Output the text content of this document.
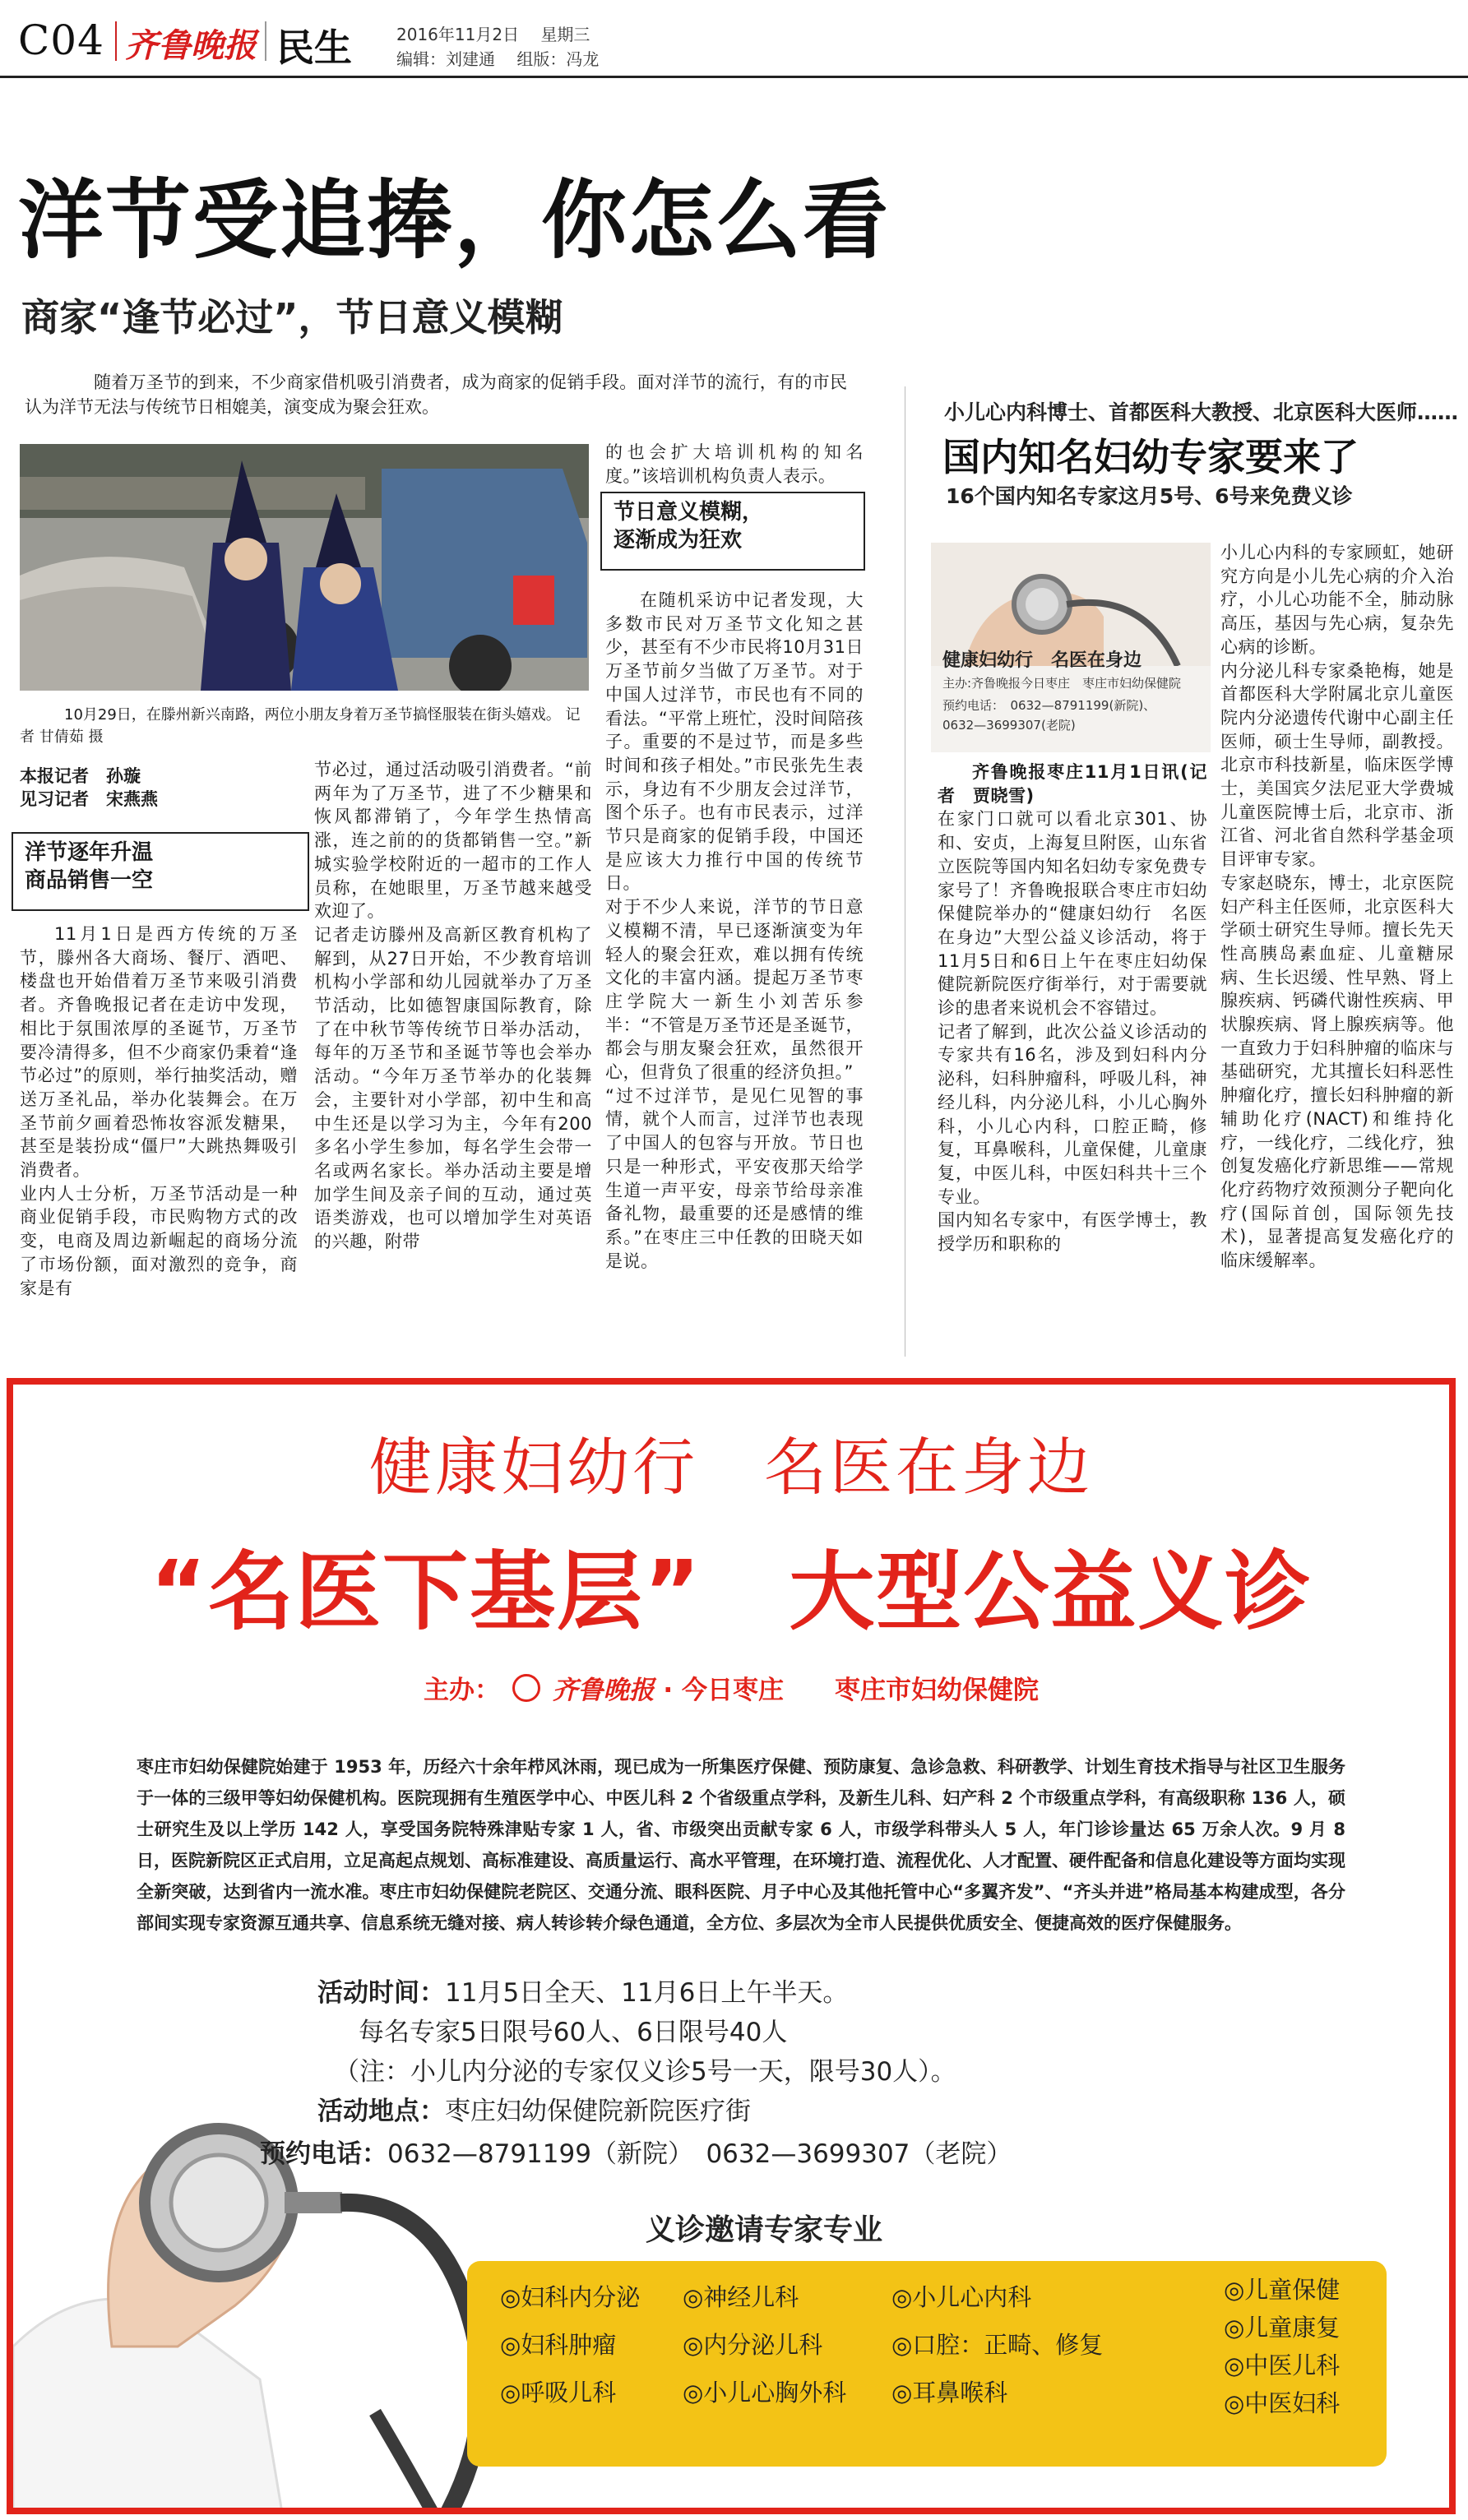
C04 齐鲁晚报 民生	2016年11月2日　 星期三
编辑：刘建通　 组版：冯龙
洋节受追捧，你怎么看
商家“逢节必过”，节日意义模糊
随着万圣节的到来，不少商家借机吸引消费者，成为商家的促销手段。面对洋节的流行，有的市民认为洋节无法与传统节日相媲美，演变成为聚会狂欢。
10月29日，在滕州新兴南路，两位小朋友身着万圣节搞怪服装在街头嬉戏。 记者 甘倩茹 摄
本报记者　孙璇
见习记者　宋燕燕
洋节逐年升温
商品销售一空
11月1日是西方传统的万圣节，滕州各大商场、餐厅、酒吧、楼盘也开始借着万圣节来吸引消费者。齐鲁晚报记者在走访中发现，相比于氛围浓厚的圣诞节，万圣节要冷清得多，但不少商家仍秉着“逢节必过”的原则，举行抽奖活动，赠送万圣礼品，举办化装舞会。在万圣节前夕画着恐怖妆容派发糖果，甚至是装扮成“僵尸”大跳热舞吸引消费者。
业内人士分析，万圣节活动是一种商业促销手段，市民购物方式的改变，电商及周边新崛起的商场分流了市场份额，面对激烈的竞争，商家是有
节必过，通过活动吸引消费者。“前两年为了万圣节，进了不少糖果和恢风都滞销了，今年学生热情高涨，连之前的的货都销售一空。”新城实验学校附近的一超市的工作人员称，在她眼里，万圣节越来越受欢迎了。
记者走访滕州及高新区教育机构了解到，从27日开始，不少教育培训机构小学部和幼儿园就举办了万圣节活动，比如德智康国际教育，除了在中秋节等传统节日举办活动，每年的万圣节和圣诞节等也会举办活动。“今年万圣节举办的化装舞会，主要针对小学部，初中生和高中生还是以学习为主，今年有200多名小学生参加，每名学生会带一名或两名家长。举办活动主要是增加学生间及亲子间的互动，通过英语类游戏，也可以增加学生对英语的兴趣，附带
的也会扩大培训机构的知名度。”该培训机构负责人表示。
节日意义模糊，
逐渐成为狂欢
在随机采访中记者发现，大多数市民对万圣节文化知之甚少，甚至有不少市民将10月31日万圣节前夕当做了万圣节。对于中国人过洋节，市民也有不同的看法。“平常上班忙，没时间陪孩子。重要的不是过节，而是多些时间和孩子相处。”市民张先生表示，身边有不少朋友会过洋节，图个乐子。也有市民表示，过洋节只是商家的促销手段，中国还是应该大力推行中国的传统节日。
对于不少人来说，洋节的节日意义模糊不清，早已逐渐演变为年轻人的聚会狂欢，难以拥有传统文化的丰富内涵。提起万圣节枣庄学院大一新生小刘苦乐参半：“不管是万圣节还是圣诞节，都会与朋友聚会狂欢，虽然很开心，但背负了很重的经济负担。”
“过不过洋节，是见仁见智的事情，就个人而言，过洋节也表现了中国人的包容与开放。节日也只是一种形式，平安夜那天给学生道一声平安，母亲节给母亲准备礼物，最重要的还是感情的维系。”在枣庄三中任教的田晓天如是说。
小儿心内科博士、首都医科大教授、北京医科大医师……
国内知名妇幼专家要来了
16个国内知名专家这月5号、6号来免费义诊
健康妇幼行　名医在身边
主办:齐鲁晚报今日枣庄　枣庄市妇幼保健院
预约电话：　0632—8791199(新院)、
0632—3699307(老院)
齐鲁晚报枣庄11月1日讯(记者　贾晓雪)
在家门口就可以看北京301、协和、安贞，上海复旦附医，山东省立医院等国内知名妇幼专家免费专家号了！齐鲁晚报联合枣庄市妇幼保健院举办的“健康妇幼行　名医在身边”大型公益义诊活动，将于11月5日和6日上午在枣庄妇幼保健院新院医疗街举行，对于需要就诊的患者来说机会不容错过。
记者了解到，此次公益义诊活动的专家共有16名，涉及到妇科内分泌科，妇科肿瘤科，呼吸儿科，神经儿科，内分泌儿科，小儿心胸外科，小儿心内科，口腔正畸，修复，耳鼻喉科，儿童保健，儿童康复，中医儿科，中医妇科共十三个专业。
国内知名专家中，有医学博士，教授学历和职称的
小儿心内科的专家顾虹，她研究方向是小儿先心病的介入治疗，小儿心功能不全，肺动脉高压，基因与先心病，复杂先心病的诊断。
内分泌儿科专家桑艳梅，她是首都医科大学附属北京儿童医院内分泌遗传代谢中心副主任医师，硕士生导师，副教授。北京市科技新星，临床医学博士，美国宾夕法尼亚大学费城儿童医院博士后，北京市、浙江省、河北省自然科学基金项目评审专家。
专家赵晓东，博士，北京医院妇产科主任医师，北京医科大学硕士研究生导师。擅长先天性高胰岛素血症、儿童糖尿病、生长迟缓、性早熟、肾上腺疾病、钙磷代谢性疾病、甲状腺疾病、肾上腺疾病等。他一直致力于妇科肿瘤的临床与基础研究，尤其擅长妇科恶性肿瘤化疗，擅长妇科肿瘤的新辅助化疗(NACT)和维持化疗，一线化疗，二线化疗，独创复发癌化疗新思维——常规化疗药物疗效预测分子靶向化疗(国际首创，国际领先技术)，显著提高复发癌化疗的临床缓解率。
健康妇幼行　名医在身边
“名医下基层”　大型公益义诊
主办： 齐鲁晚报 · 今日枣庄　　枣庄市妇幼保健院
枣庄市妇幼保健院始建于 1953 年，历经六十余年栉风沐雨，现已成为一所集医疗保健、预防康复、急诊急救、科研教学、计划生育技术指导与社区卫生服务于一体的三级甲等妇幼保健机构。医院现拥有生殖医学中心、中医儿科 2 个省级重点学科，及新生儿科、妇产科 2 个市级重点学科，有高级职称 136 人，硕士研究生及以上学历 142 人，享受国务院特殊津贴专家 1 人，省、市级突出贡献专家 6 人，市级学科带头人 5 人，年门诊诊量达 65 万余人次。9 月 8 日，医院新院区正式启用，立足高起点规划、高标准建设、高质量运行、高水平管理，在环境打造、流程优化、人才配置、硬件配备和信息化建设等方面均实现全新突破，达到省内一流水准。枣庄市妇幼保健院老院区、交通分流、眼科医院、月子中心及其他托管中心“多翼齐发”、“齐头并进”格局基本构建成型，各分部间实现专家资源互通共享、信息系统无缝对接、病人转诊转介绿色通道，全方位、多层次为全市人民提供优质安全、便捷高效的医疗保健服务。
活动时间：11月5日全天、11月6日上午半天。
每名专家5日限号60人、6日限号40人
（注：小儿内分泌的专家仅义诊5号一天，限号30人）。
活动地点：枣庄妇幼保健院新院医疗街
预约电话：0632—8791199（新院）　0632—3699307（老院）
义诊邀请专家专业
◎妇科内分泌
◎妇科肿瘤
◎呼吸儿科
◎神经儿科
◎内分泌儿科
◎小儿心胸外科
◎小儿心内科
◎口腔：正畸、修复
◎耳鼻喉科
◎儿童保健
◎儿童康复
◎中医儿科
◎中医妇科
